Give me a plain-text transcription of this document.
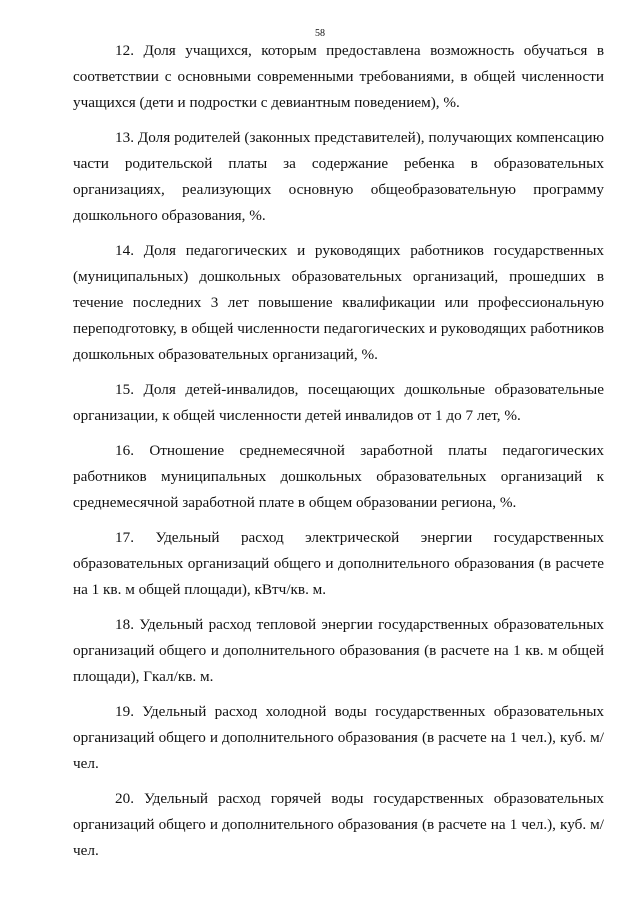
58

12. Доля учащихся, которым предоставлена возможность обучаться в соответствии с основными современными требованиями, в общей численности учащихся (дети и подростки с девиантным поведением), %.

13. Доля родителей (законных представителей), получающих компенсацию части родительской платы за содержание ребенка в образовательных организациях, реализующих основную общеобразовательную программу дошкольного образования, %.

14. Доля педагогических и руководящих работников государственных (муниципальных) дошкольных образовательных организаций, прошедших в течение последних 3 лет повышение квалификации или профессиональную переподготовку, в общей численности педагогических и руководящих работников дошкольных образовательных организаций, %.

15. Доля детей-инвалидов, посещающих дошкольные образовательные организации, к общей численности детей инвалидов от 1 до 7 лет, %.

16. Отношение среднемесячной заработной платы педагогических работников муниципальных дошкольных образовательных организаций к среднемесячной заработной плате в общем образовании региона, %.

17. Удельный расход электрической энергии государственных образовательных организаций общего и дополнительного образования (в расчете на 1 кв. м общей площади), кВтч/кв. м.

18. Удельный расход тепловой энергии государственных образовательных организаций общего и дополнительного образования (в расчете на 1 кв. м общей площади), Гкал/кв. м.

19. Удельный расход холодной воды государственных образовательных организаций общего и дополнительного образования (в расчете на 1 чел.), куб. м/чел.

20. Удельный расход горячей воды государственных образовательных организаций общего и дополнительного образования (в расчете на 1 чел.), куб. м/чел.
